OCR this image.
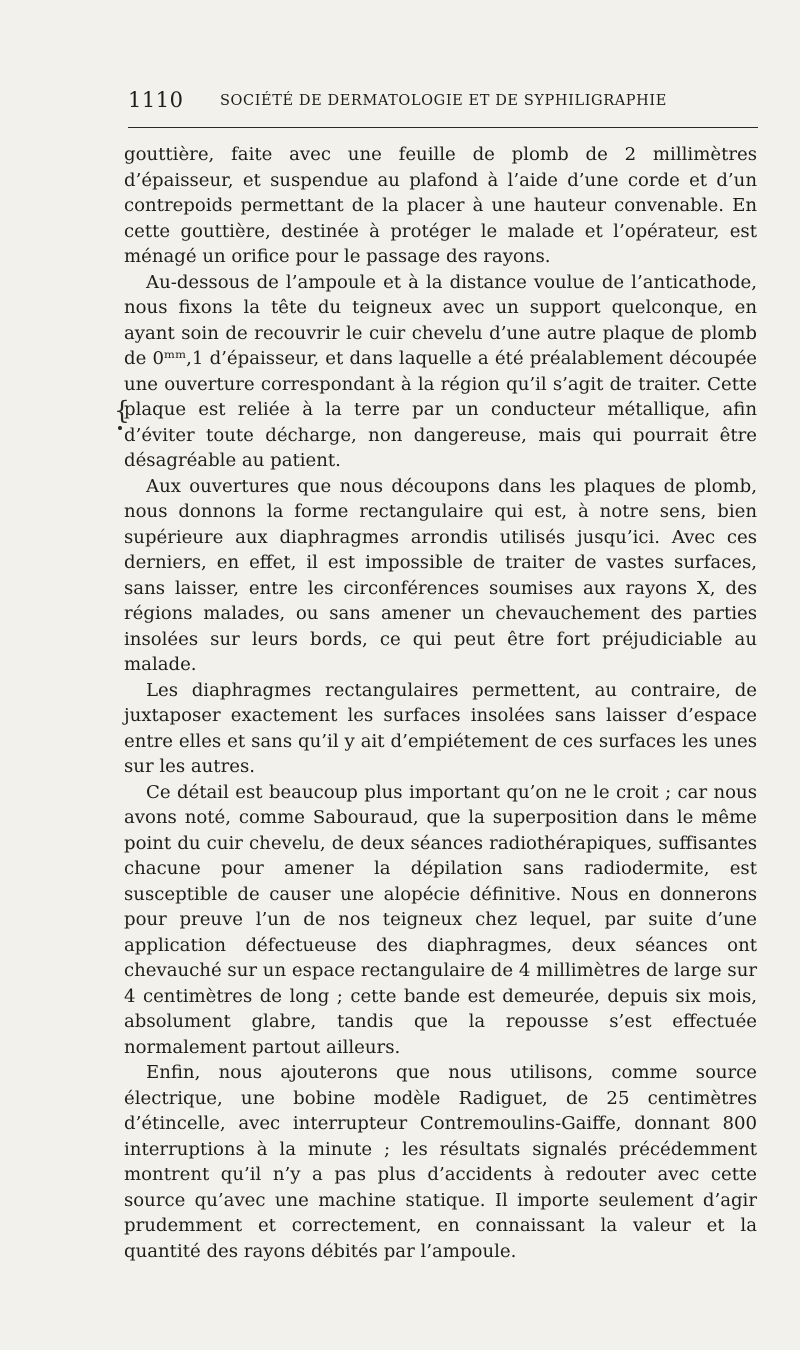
1110	SOCIÉTÉ DE DERMATOLOGIE ET DE SYPHILIGRAPHIE
{

gouttière, faite avec une feuille de plomb de 2 millimètres d’épaisseur, et suspendue au plafond à l’aide d’une corde et d’un contrepoids permettant de la placer à une hauteur convenable. En cette gouttière, destinée à protéger le malade et l’opérateur, est ménagé un orifice pour le passage des rayons.

Au-dessous de l’ampoule et à la distance voulue de l’anticathode, nous fixons la tête du teigneux avec un support quelconque, en ayant soin de recouvrir le cuir chevelu d’une autre plaque de plomb de 0ᵐᵐ,1 d’épaisseur, et dans laquelle a été préalablement découpée une ouverture correspondant à la région qu’il s’agit de traiter. Cette plaque est reliée à la terre par un conducteur métallique, afin d’éviter toute décharge, non dangereuse, mais qui pourrait être désagréable au patient.

Aux ouvertures que nous découpons dans les plaques de plomb, nous donnons la forme rectangulaire qui est, à notre sens, bien supérieure aux diaphragmes arrondis utilisés jusqu’ici. Avec ces derniers, en effet, il est impossible de traiter de vastes surfaces, sans laisser, entre les circonférences soumises aux rayons X, des régions malades, ou sans amener un chevauchement des parties insolées sur leurs bords, ce qui peut être fort préjudiciable au malade.

Les diaphragmes rectangulaires permettent, au contraire, de juxtaposer exactement les surfaces insolées sans laisser d’espace entre elles et sans qu’il y ait d’empiétement de ces surfaces les unes sur les autres.

Ce détail est beaucoup plus important qu’on ne le croit ; car nous avons noté, comme Sabouraud, que la superposition dans le même point du cuir chevelu, de deux séances radiothérapiques, suffisantes chacune pour amener la dépilation sans radiodermite, est susceptible de causer une alopécie définitive. Nous en donnerons pour preuve l’un de nos teigneux chez lequel, par suite d’une application défectueuse des diaphragmes, deux séances ont chevauché sur un espace rectangulaire de 4 millimètres de large sur 4 centimètres de long ; cette bande est demeurée, depuis six mois, absolument glabre, tandis que la repousse s’est effectuée normalement partout ailleurs.

Enfin, nous ajouterons que nous utilisons, comme source électrique, une bobine modèle Radiguet, de 25 centimètres d’étincelle, avec interrupteur Contremoulins-Gaiffe, donnant 800 interruptions à la minute ; les résultats signalés précédemment montrent qu’il n’y a pas plus d’accidents à redouter avec cette source qu’avec une machine statique. Il importe seulement d’agir prudemment et correctement, en connaissant la valeur et la quantité des rayons débités par l’ampoule.
